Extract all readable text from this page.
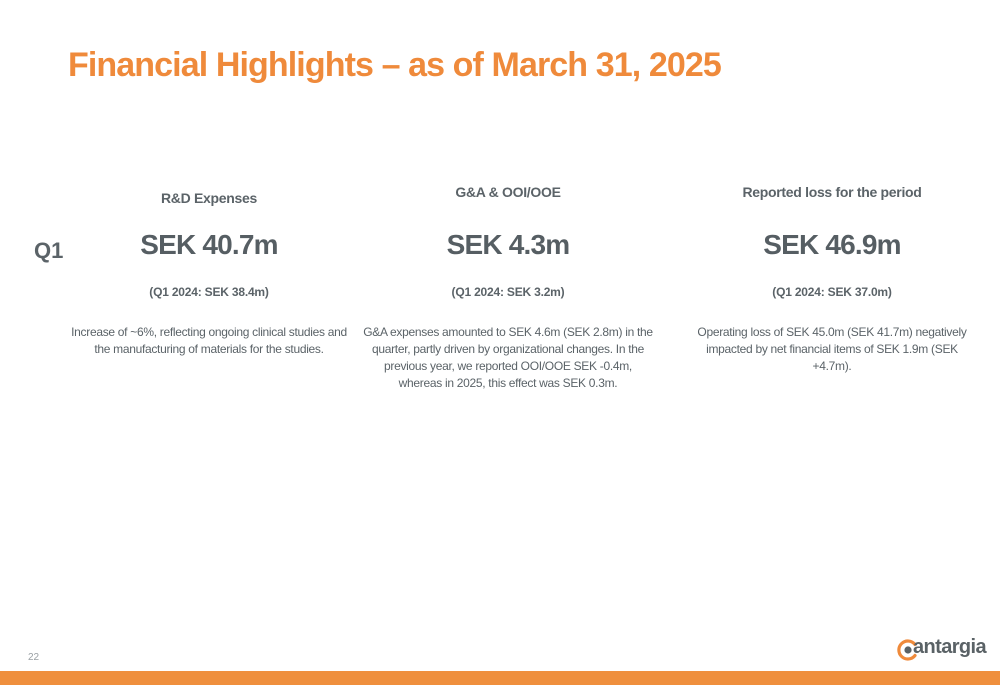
Financial Highlights – as of March 31, 2025
Q1
R&D Expenses
SEK 40.7m
(Q1 2024: SEK 38.4m)
Increase of ~6%, reflecting ongoing clinical studies and the manufacturing of materials for the studies.
G&A & OOI/OOE
SEK 4.3m
(Q1 2024: SEK 3.2m)
G&A expenses amounted to SEK 4.6m (SEK 2.8m) in the quarter, partly driven by organizational changes. In the previous year, we reported OOI/OOE SEK -0.4m, whereas in 2025, this effect was SEK 0.3m.
Reported loss for the period
SEK 46.9m
(Q1 2024: SEK 37.0m)
Operating loss of SEK 45.0m (SEK 41.7m) negatively impacted by net financial items of SEK 1.9m (SEK +4.7m).
22	antargia
